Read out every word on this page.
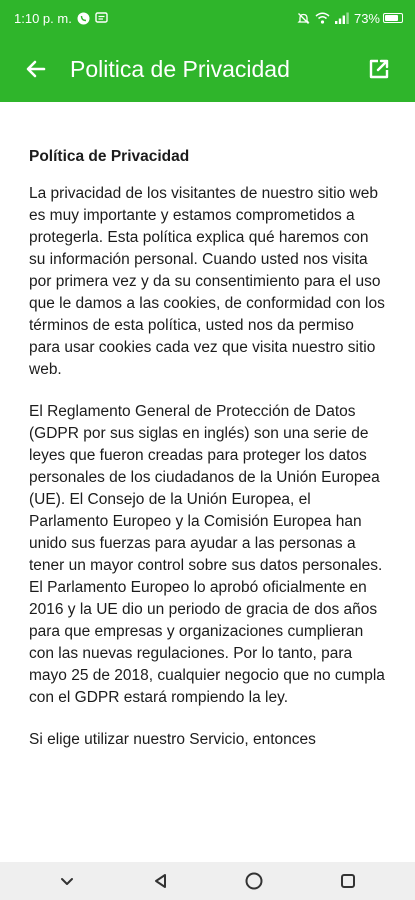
1:10 p. m.	73%
Politica de Privacidad
Política de Privacidad

La privacidad de los visitantes de nuestro sitio web es muy importante y estamos comprometidos a protegerla. Esta política explica qué haremos con su información personal. Cuando usted nos visita por primera vez y da su consentimiento para el uso que le damos a las cookies, de conformidad con los términos de esta política, usted nos da permiso para usar cookies cada vez que visita nuestro sitio web.

El Reglamento General de Protección de Datos (GDPR por sus siglas en inglés) son una serie de leyes que fueron creadas para proteger los datos personales de los ciudadanos de la Unión Europea (UE). El Consejo de la Unión Europea, el Parlamento Europeo y la Comisión Europea han unido sus fuerzas para ayudar a las personas a tener un mayor control sobre sus datos personales. El Parlamento Europeo lo aprobó oficialmente en 2016 y la UE dio un periodo de gracia de dos años para que empresas y organizaciones cumplieran con las nuevas regulaciones. Por lo tanto, para mayo 25 de 2018, cualquier negocio que no cumpla con el GDPR estará rompiendo la ley.

Si elige utilizar nuestro Servicio, entonces
